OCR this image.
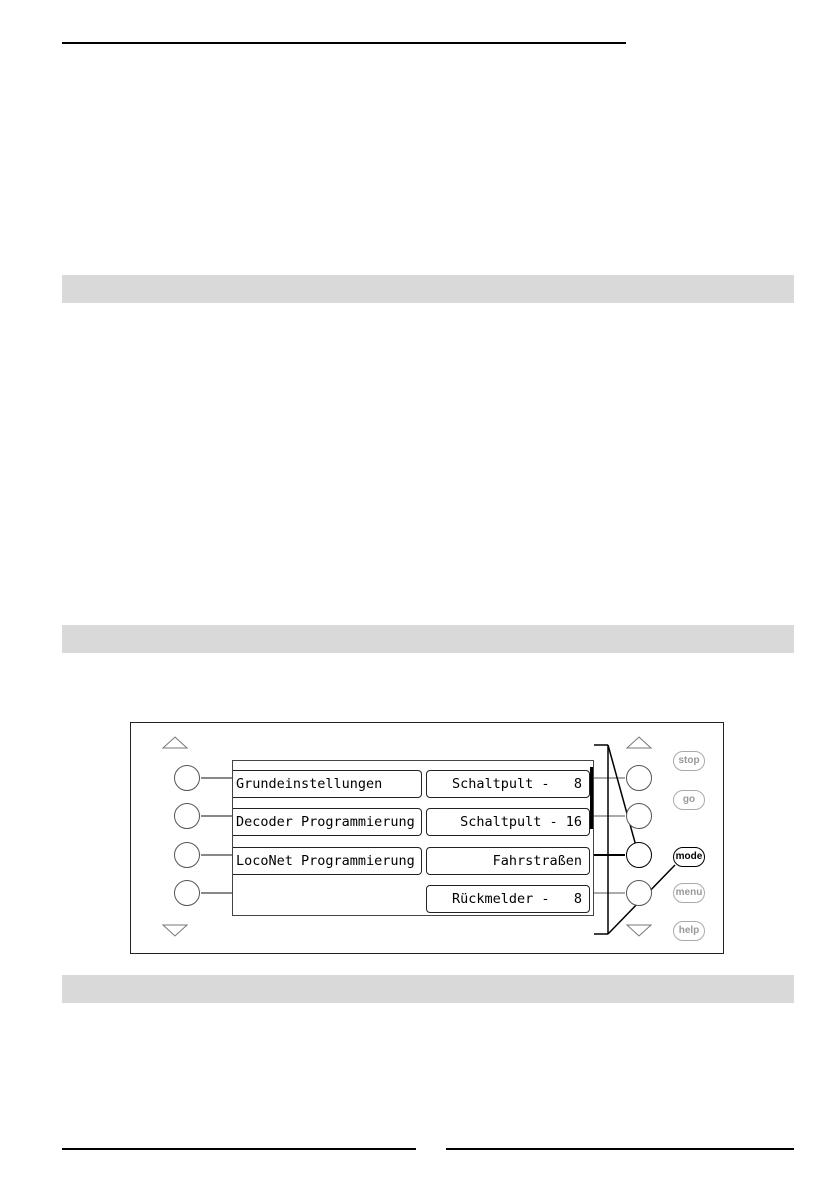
stop
go
mode
menu
help
Grundeinstellungen
Decoder Programmierung
LocoNet Programmierung
Schaltpult -   8
Schaltpult - 16
Fahrstraßen
Rückmelder -   8
